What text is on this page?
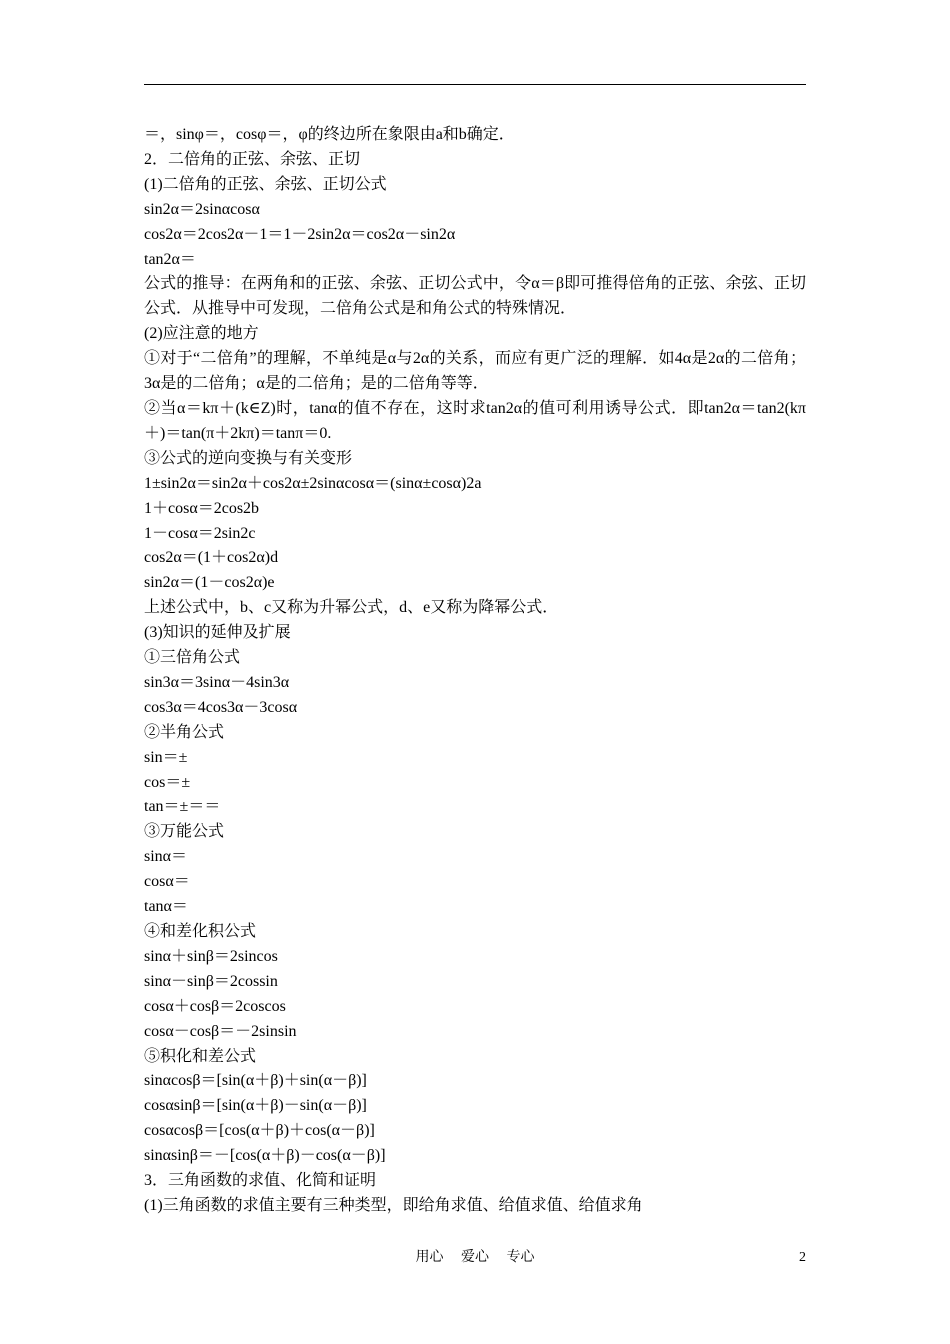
＝，sinφ＝，cosφ＝，φ的终边所在象限由a和b确定．

2．二倍角的正弦、余弦、正切

(1)二倍角的正弦、余弦、正切公式

sin2α＝2sinαcosα

cos2α＝2cos2α－1＝1－2sin2α＝cos2α－sin2α

tan2α＝

公式的推导：在两角和的正弦、余弦、正切公式中，令α＝β即可推得倍角的正弦、余弦、正切公式．从推导中可发现，二倍角公式是和角公式的特殊情况．

(2)应注意的地方

①对于“二倍角”的理解，不单纯是α与2α的关系，而应有更广泛的理解．如4α是2α的二倍角；3α是的二倍角；α是的二倍角；是的二倍角等等．

②当α＝kπ＋(k∈Z)时，tanα的值不存在，这时求tan2α的值可利用诱导公式．即tan2α＝tan2(kπ＋)＝tan(π＋2kπ)＝tanπ＝0.

③公式的逆向变换与有关变形

1±sin2α＝sin2α＋cos2α±2sinαcosα＝(sinα±cosα)2a

1＋cosα＝2cos2b

1－cosα＝2sin2c

cos2α＝(1＋cos2α)d

sin2α＝(1－cos2α)e

上述公式中，b、c又称为升幂公式，d、e又称为降幂公式．

(3)知识的延伸及扩展

①三倍角公式

sin3α＝3sinα－4sin3α

cos3α＝4cos3α－3cosα

②半角公式

sin＝±

cos＝±

tan＝±＝＝

③万能公式

sinα＝

cosα＝

tanα＝

④和差化积公式

sinα＋sinβ＝2sincos

sinα－sinβ＝2cossin

cosα＋cosβ＝2coscos

cosα－cosβ＝－2sinsin

⑤积化和差公式

sinαcosβ＝[sin(α＋β)＋sin(α－β)]

cosαsinβ＝[sin(α＋β)－sin(α－β)]

cosαcosβ＝[cos(α＋β)＋cos(α－β)]

sinαsinβ＝－[cos(α＋β)－cos(α－β)]

3．三角函数的求值、化简和证明

(1)三角函数的求值主要有三种类型，即给角求值、给值求值、给值求角

用心　 爱心　 专心	2
